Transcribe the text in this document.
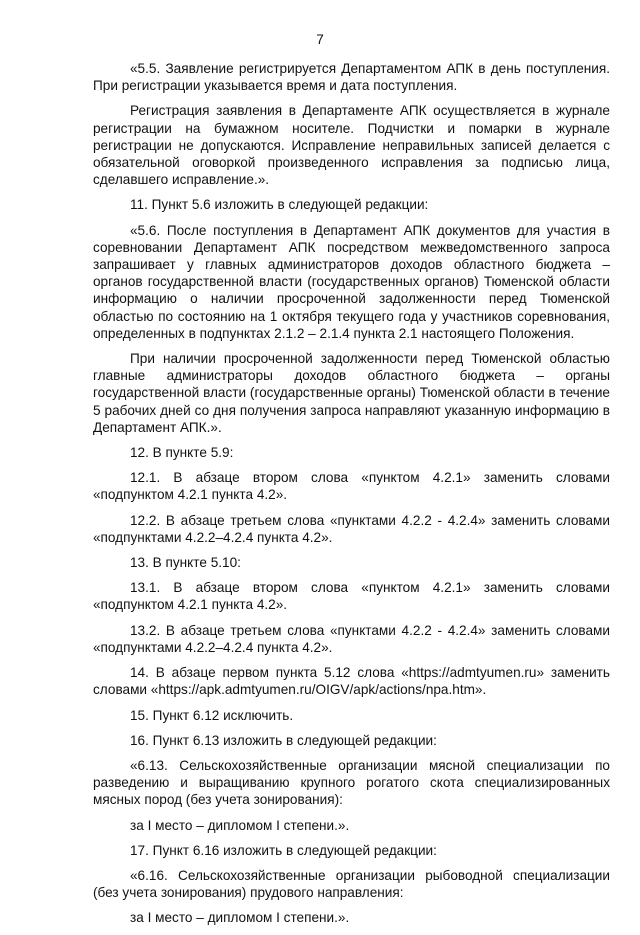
7

«5.5. Заявление регистрируется Департаментом АПК в день поступления. При регистрации указывается время и дата поступления.

Регистрация заявления в Департаменте АПК осуществляется в журнале регистрации на бумажном носителе. Подчистки и помарки в журнале регистрации не допускаются. Исправление неправильных записей делается с обязательной оговоркой произведенного исправления за подписью лица, сделавшего исправление.».

11. Пункт 5.6 изложить в следующей редакции:

«5.6. После поступления в Департамент АПК документов для участия в соревновании Департамент АПК посредством межведомственного запроса запрашивает у главных администраторов доходов областного бюджета – органов государственной власти (государственных органов) Тюменской области информацию о наличии просроченной задолженности перед Тюменской областью по состоянию на 1 октября текущего года у участников соревнования, определенных в подпунктах 2.1.2 – 2.1.4 пункта 2.1 настоящего Положения.

При наличии просроченной задолженности перед Тюменской областью главные администраторы доходов областного бюджета – органы государственной власти (государственные органы) Тюменской области в течение 5 рабочих дней со дня получения запроса направляют указанную информацию в Департамент АПК.».

12. В пункте 5.9:

12.1. В абзаце втором слова «пунктом 4.2.1» заменить словами «подпунктом 4.2.1 пункта 4.2».

12.2. В абзаце третьем слова «пунктами 4.2.2 - 4.2.4» заменить словами «подпунктами 4.2.2–4.2.4 пункта 4.2».

13. В пункте 5.10:

13.1. В абзаце втором слова «пунктом 4.2.1» заменить словами «подпунктом 4.2.1 пункта 4.2».

13.2. В абзаце третьем слова «пунктами 4.2.2 - 4.2.4» заменить словами «подпунктами 4.2.2–4.2.4 пункта 4.2».

14. В абзаце первом пункта 5.12 слова «https://admtyumen.ru» заменить словами «https://apk.admtyumen.ru/OIGV/apk/actions/npa.htm».

15. Пункт 6.12 исключить.

16. Пункт 6.13 изложить в следующей редакции:

«6.13. Сельскохозяйственные организации мясной специализации по разведению и выращиванию крупного рогатого скота специализированных мясных пород (без учета зонирования):

за I место – дипломом I степени.».

17. Пункт 6.16 изложить в следующей редакции:

«6.16. Сельскохозяйственные организации рыбоводной специализации (без учета зонирования) прудового направления:

за I место – дипломом I степени.».
